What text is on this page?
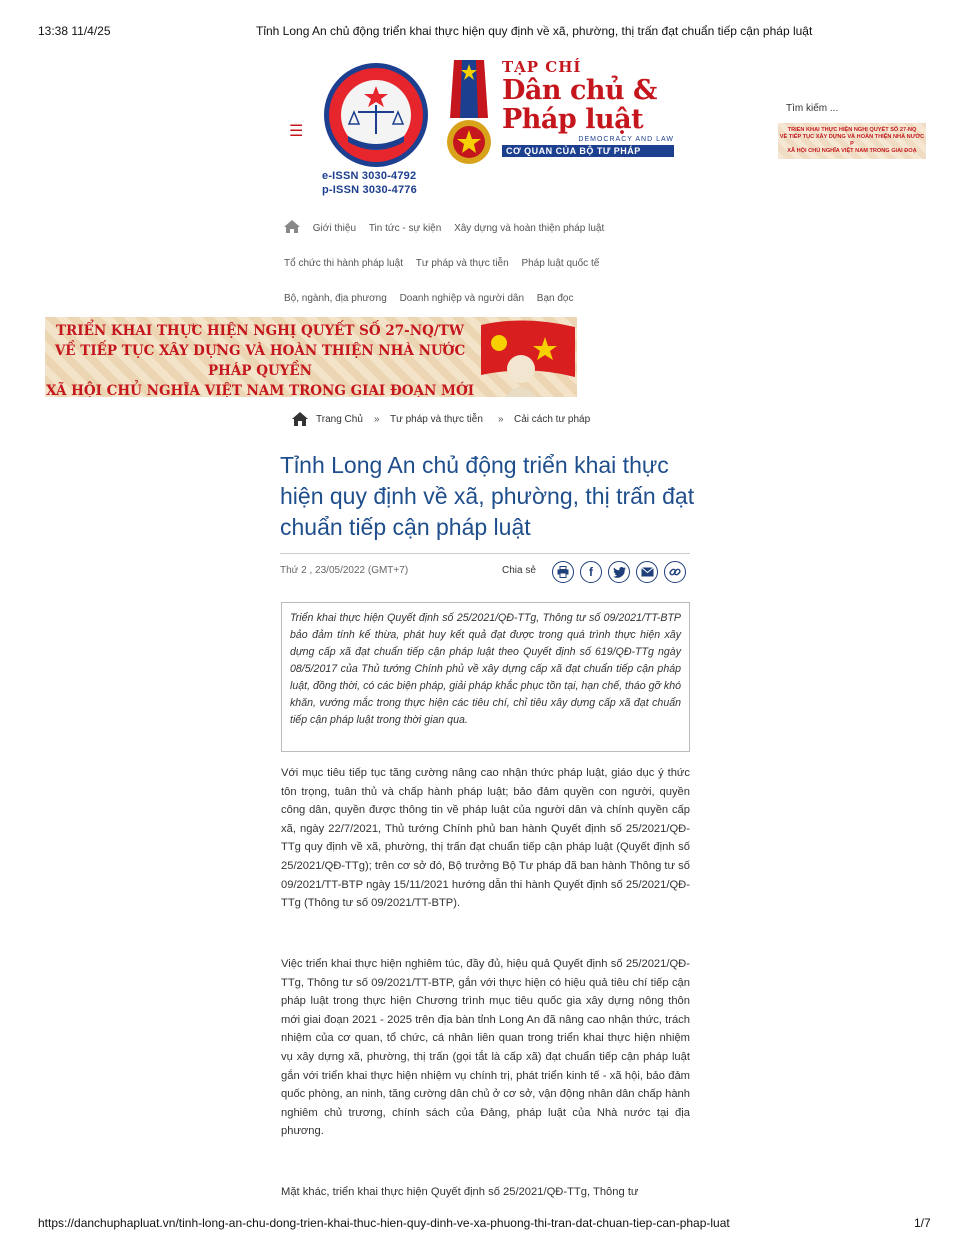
13:38 11/4/25	Tỉnh Long An chủ động triển khai thực hiện quy định về xã, phường, thị trấn đạt chuẩn tiếp cận pháp luật
☰
e-ISSN 3030-4792
p-ISSN 3030-4776
TẠP CHÍ
Dân chủ &
Pháp luật
DEMOCRACY AND LAW
CƠ QUAN CỦA BỘ TƯ PHÁP
Tìm kiếm ...
TRIỂN KHAI THỰC HIỆN NGHỊ QUYẾT SỐ 27-NQ
VỀ TIẾP TỤC XÂY DỰNG VÀ HOÀN THIỆN NHÀ NƯỚC P
XÃ HỘI CHỦ NGHĨA VIỆT NAM TRONG GIAI ĐOẠ
Giới thiệu Tin tức - sự kiện Xây dựng và hoàn thiện pháp luật
Tổ chức thi hành pháp luật Tư pháp và thực tiễn Pháp luật quốc tế
Bộ, ngành, địa phương Doanh nghiệp và người dân Bạn đọc
TRIỂN KHAI THỰC HIỆN NGHỊ QUYẾT SỐ 27-NQ/TW
VỀ TIẾP TỤC XÂY DỰNG VÀ HOÀN THIỆN NHÀ NƯỚC PHÁP QUYỀN
XÃ HỘI CHỦ NGHĨA VIỆT NAM TRONG GIAI ĐOẠN MỚI
Trang Chủ » Tư pháp và thực tiễn » Cải cách tư pháp
Tỉnh Long An chủ động triển khai thực hiện quy định về xã, phường, thị trấn đạt chuẩn tiếp cận pháp luật
Thứ 2 , 23/05/2022 (GMT+7)	Chia sẻ	f

Triển khai thực hiện Quyết định số 25/2021/QĐ-TTg, Thông tư số 09/2021/TT-BTP bảo đảm tính kế thừa, phát huy kết quả đạt được trong quá trình thực hiện xây dựng cấp xã đạt chuẩn tiếp cận pháp luật theo Quyết định số 619/QĐ-TTg ngày 08/5/2017 của Thủ tướng Chính phủ về xây dựng cấp xã đạt chuẩn tiếp cận pháp luật, đồng thời, có các biện pháp, giải pháp khắc phục tồn tại, hạn chế, tháo gỡ khó khăn, vướng mắc trong thực hiện các tiêu chí, chỉ tiêu xây dựng cấp xã đạt chuẩn tiếp cận pháp luật trong thời gian qua.

Với mục tiêu tiếp tục tăng cường nâng cao nhận thức pháp luật, giáo dục ý thức tôn trọng, tuân thủ và chấp hành pháp luật; bảo đảm quyền con người, quyền công dân, quyền được thông tin về pháp luật của người dân và chính quyền cấp xã, ngày 22/7/2021, Thủ tướng Chính phủ ban hành Quyết định số 25/2021/QĐ-TTg quy định về xã, phường, thị trấn đạt chuẩn tiếp cận pháp luật (Quyết định số 25/2021/QĐ-TTg); trên cơ sở đó, Bộ trưởng Bộ Tư pháp đã ban hành Thông tư số 09/2021/TT-BTP ngày 15/11/2021 hướng dẫn thi hành Quyết định số 25/2021/QĐ-TTg (Thông tư số 09/2021/TT-BTP).

Việc triển khai thực hiện nghiêm túc, đầy đủ, hiệu quả Quyết định số 25/2021/QĐ-TTg, Thông tư số 09/2021/TT-BTP, gắn với thực hiện có hiệu quả tiêu chí tiếp cận pháp luật trong thực hiện Chương trình mục tiêu quốc gia xây dựng nông thôn mới giai đoạn 2021 - 2025 trên địa bàn tỉnh Long An đã nâng cao nhận thức, trách nhiệm của cơ quan, tổ chức, cá nhân liên quan trong triển khai thực hiện nhiệm vụ xây dựng xã, phường, thị trấn (gọi tắt là cấp xã) đạt chuẩn tiếp cận pháp luật gắn với triển khai thực hiện nhiệm vụ chính trị, phát triển kinh tế - xã hội, bảo đảm quốc phòng, an ninh, tăng cường dân chủ ở cơ sở, vận động nhân dân chấp hành nghiêm chủ trương, chính sách của Đảng, pháp luật của Nhà nước tại địa phương.

Mặt khác, triển khai thực hiện Quyết định số 25/2021/QĐ-TTg, Thông tư

https://danchuphapluat.vn/tinh-long-an-chu-dong-trien-khai-thuc-hien-quy-dinh-ve-xa-phuong-thi-tran-dat-chuan-tiep-can-phap-luat	1/7
